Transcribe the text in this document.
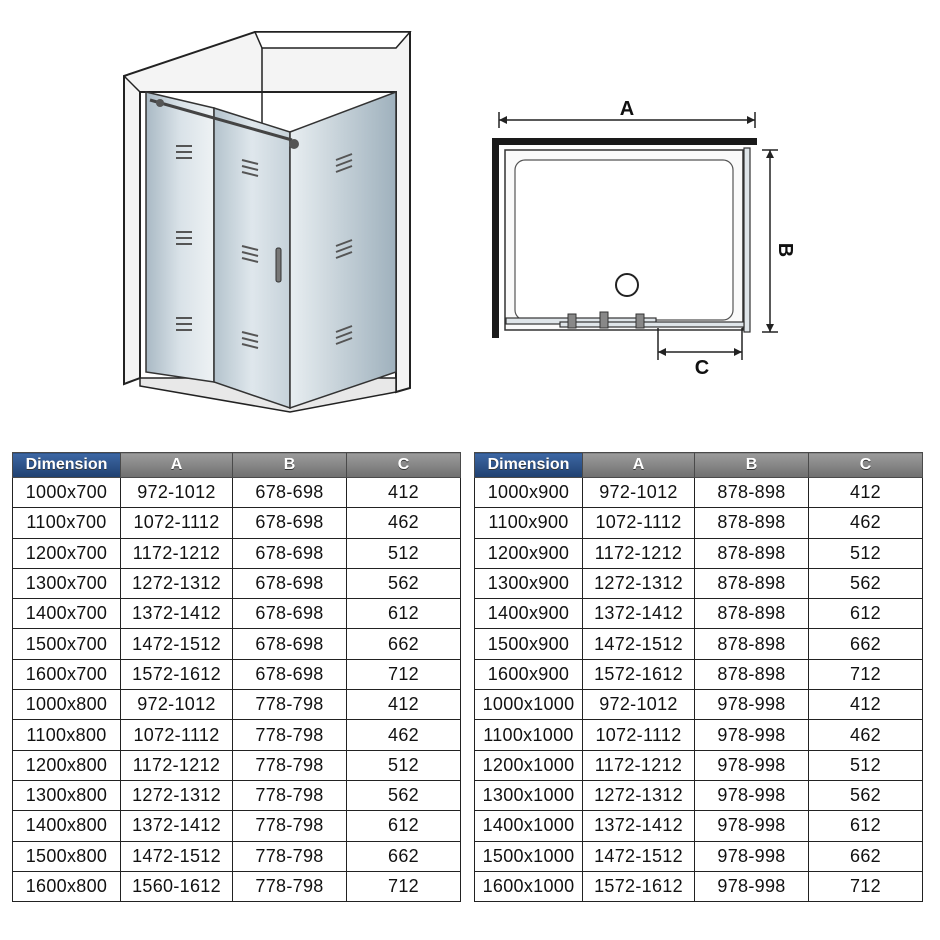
A
B
C
Dimension	A	B	C
1000x700	972-1012	678-698	412
1100x700	1072-1112	678-698	462
1200x700	1172-1212	678-698	512
1300x700	1272-1312	678-698	562
1400x700	1372-1412	678-698	612
1500x700	1472-1512	678-698	662
1600x700	1572-1612	678-698	712
1000x800	972-1012	778-798	412
1100x800	1072-1112	778-798	462
1200x800	1172-1212	778-798	512
1300x800	1272-1312	778-798	562
1400x800	1372-1412	778-798	612
1500x800	1472-1512	778-798	662
1600x800	1560-1612	778-798	712
Dimension	A	B	C
1000x900	972-1012	878-898	412
1100x900	1072-1112	878-898	462
1200x900	1172-1212	878-898	512
1300x900	1272-1312	878-898	562
1400x900	1372-1412	878-898	612
1500x900	1472-1512	878-898	662
1600x900	1572-1612	878-898	712
1000x1000	972-1012	978-998	412
1100x1000	1072-1112	978-998	462
1200x1000	1172-1212	978-998	512
1300x1000	1272-1312	978-998	562
1400x1000	1372-1412	978-998	612
1500x1000	1472-1512	978-998	662
1600x1000	1572-1612	978-998	712
